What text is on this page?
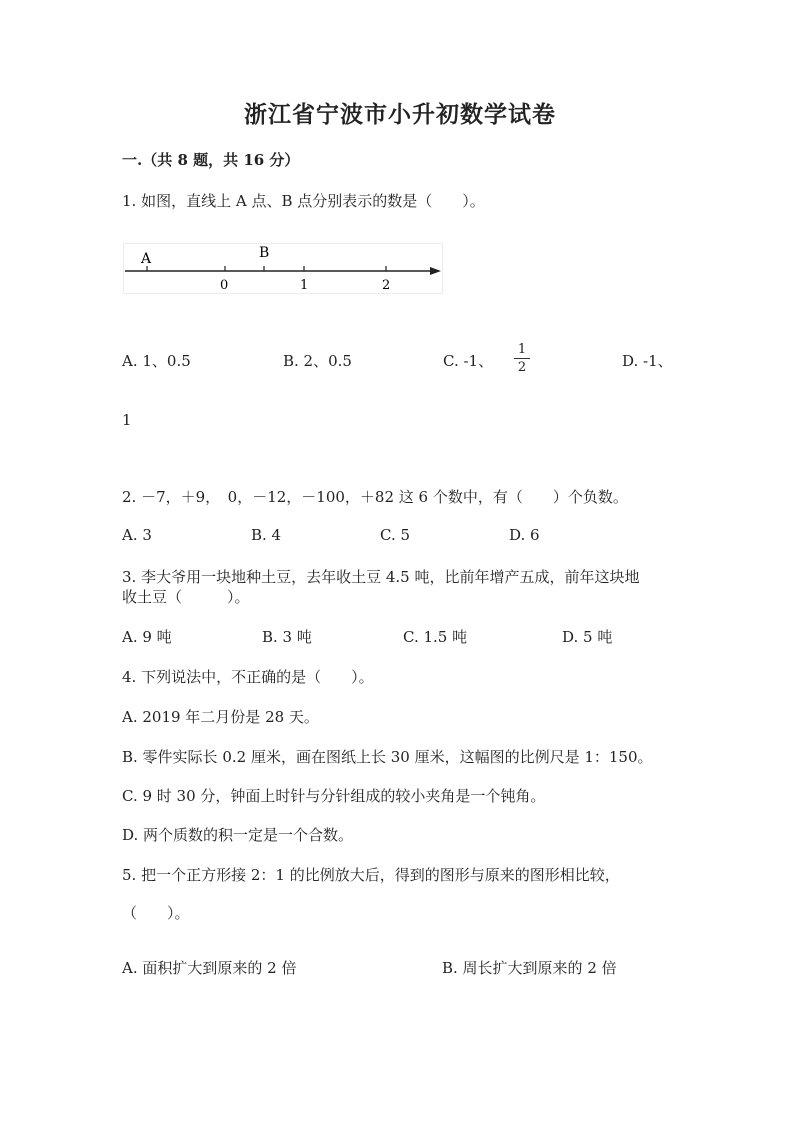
浙江省宁波市小升初数学试卷
一.（共 8 题，共 16 分）
1. 如图，直线上 A 点、B 点分别表示的数是（　　）。
A	B
0	1	2
A. 1、0.5	B. 2、0.5	C. -1、
1
2	D. -1、
1
2. －7，＋9，　0，－12，－100，＋82 这 6 个数中，有（　　）个负数。
A. 3	B. 4	C. 5	D. 6
3. 李大爷用一块地种土豆，去年收土豆 4.5 吨，比前年增产五成，前年这块地
收土豆（　　　）。
A. 9 吨	B. 3 吨	C. 1.5 吨	D. 5 吨
4. 下列说法中，不正确的是（　　）。
A. 2019 年二月份是 28 天。
B. 零件实际长 0.2 厘米，画在图纸上长 30 厘米，这幅图的比例尺是 1：150。
C. 9 时 30 分，钟面上时针与分针组成的较小夹角是一个钝角。
D. 两个质数的积一定是一个合数。
5. 把一个正方形接 2：1 的比例放大后，得到的图形与原来的图形相比较，
（　　）。
A. 面积扩大到原来的 2 倍	B. 周长扩大到原来的 2 倍
